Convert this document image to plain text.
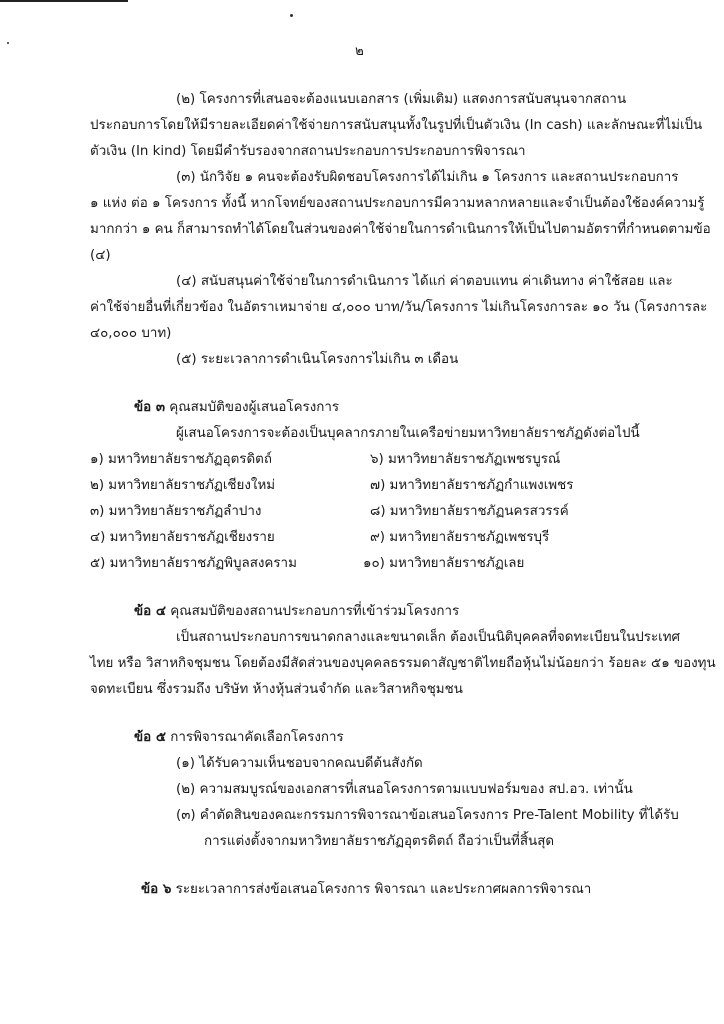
๒
(๒) โครงการที่เสนอจะต้องแนบเอกสาร (เพิ่มเติม) แสดงการสนับสนุนจากสถาน
ประกอบการโดยให้มีรายละเอียดค่าใช้จ่ายการสนับสนุนทั้งในรูปที่เป็นตัวเงิน (In cash) และลักษณะที่ไม่เป็น
ตัวเงิน (In kind) โดยมีคำรับรองจากสถานประกอบการประกอบการพิจารณา
(๓) นักวิจัย ๑ คนจะต้องรับผิดชอบโครงการได้ไม่เกิน ๑ โครงการ และสถานประกอบการ
๑ แห่ง ต่อ ๑ โครงการ ทั้งนี้ หากโจทย์ของสถานประกอบการมีความหลากหลายและจำเป็นต้องใช้องค์ความรู้
มากกว่า ๑ คน ก็สามารถทำได้โดยในส่วนของค่าใช้จ่ายในการดำเนินการให้เป็นไปตามอัตราที่กำหนดตามข้อ
(๔)
(๔) สนับสนุนค่าใช้จ่ายในการดำเนินการ ได้แก่ ค่าตอบแทน ค่าเดินทาง ค่าใช้สอย และ
ค่าใช้จ่ายอื่นที่เกี่ยวข้อง ในอัตราเหมาจ่าย ๔,๐๐๐ บาท/วัน/โครงการ ไม่เกินโครงการละ ๑๐ วัน (โครงการละ
๔๐,๐๐๐ บาท)
(๕) ระยะเวลาการดำเนินโครงการไม่เกิน ๓ เดือน
ข้อ ๓ คุณสมบัติของผู้เสนอโครงการ
ผู้เสนอโครงการจะต้องเป็นบุคลากรภายในเครือข่ายมหาวิทยาลัยราชภัฏดังต่อไปนี้
๑) มหาวิทยาลัยราชภัฏอุตรดิตถ์
๒) มหาวิทยาลัยราชภัฏเชียงใหม่
๓) มหาวิทยาลัยราชภัฏลำปาง
๔) มหาวิทยาลัยราชภัฏเชียงราย
๕) มหาวิทยาลัยราชภัฏพิบูลสงคราม
๖) มหาวิทยาลัยราชภัฏเพชรบูรณ์
๗) มหาวิทยาลัยราชภัฏกำแพงเพชร
๘) มหาวิทยาลัยราชภัฏนครสวรรค์
๙) มหาวิทยาลัยราชภัฏเพชรบุรี
๑๐) มหาวิทยาลัยราชภัฏเลย
ข้อ ๔ คุณสมบัติของสถานประกอบการที่เข้าร่วมโครงการ
เป็นสถานประกอบการขนาดกลางและขนาดเล็ก ต้องเป็นนิติบุคคลที่จดทะเบียนในประเทศ
ไทย หรือ วิสาหกิจชุมชน โดยต้องมีสัดส่วนของบุคคลธรรมดาสัญชาติไทยถือหุ้นไม่น้อยกว่า ร้อยละ ๕๑ ของทุน
จดทะเบียน ซึ่งรวมถึง บริษัท ห้างหุ้นส่วนจำกัด และวิสาหกิจชุมชน
ข้อ ๕ การพิจารณาคัดเลือกโครงการ
(๑) ได้รับความเห็นชอบจากคณบดีต้นสังกัด
(๒) ความสมบูรณ์ของเอกสารที่เสนอโครงการตามแบบฟอร์มของ สป.อว. เท่านั้น
(๓) คำตัดสินของคณะกรรมการพิจารณาข้อเสนอโครงการ Pre-Talent Mobility ที่ได้รับ
การแต่งตั้งจากมหาวิทยาลัยราชภัฏอุตรดิตถ์ ถือว่าเป็นที่สิ้นสุด
ข้อ ๖ ระยะเวลาการส่งข้อเสนอโครงการ พิจารณา และประกาศผลการพิจารณา
